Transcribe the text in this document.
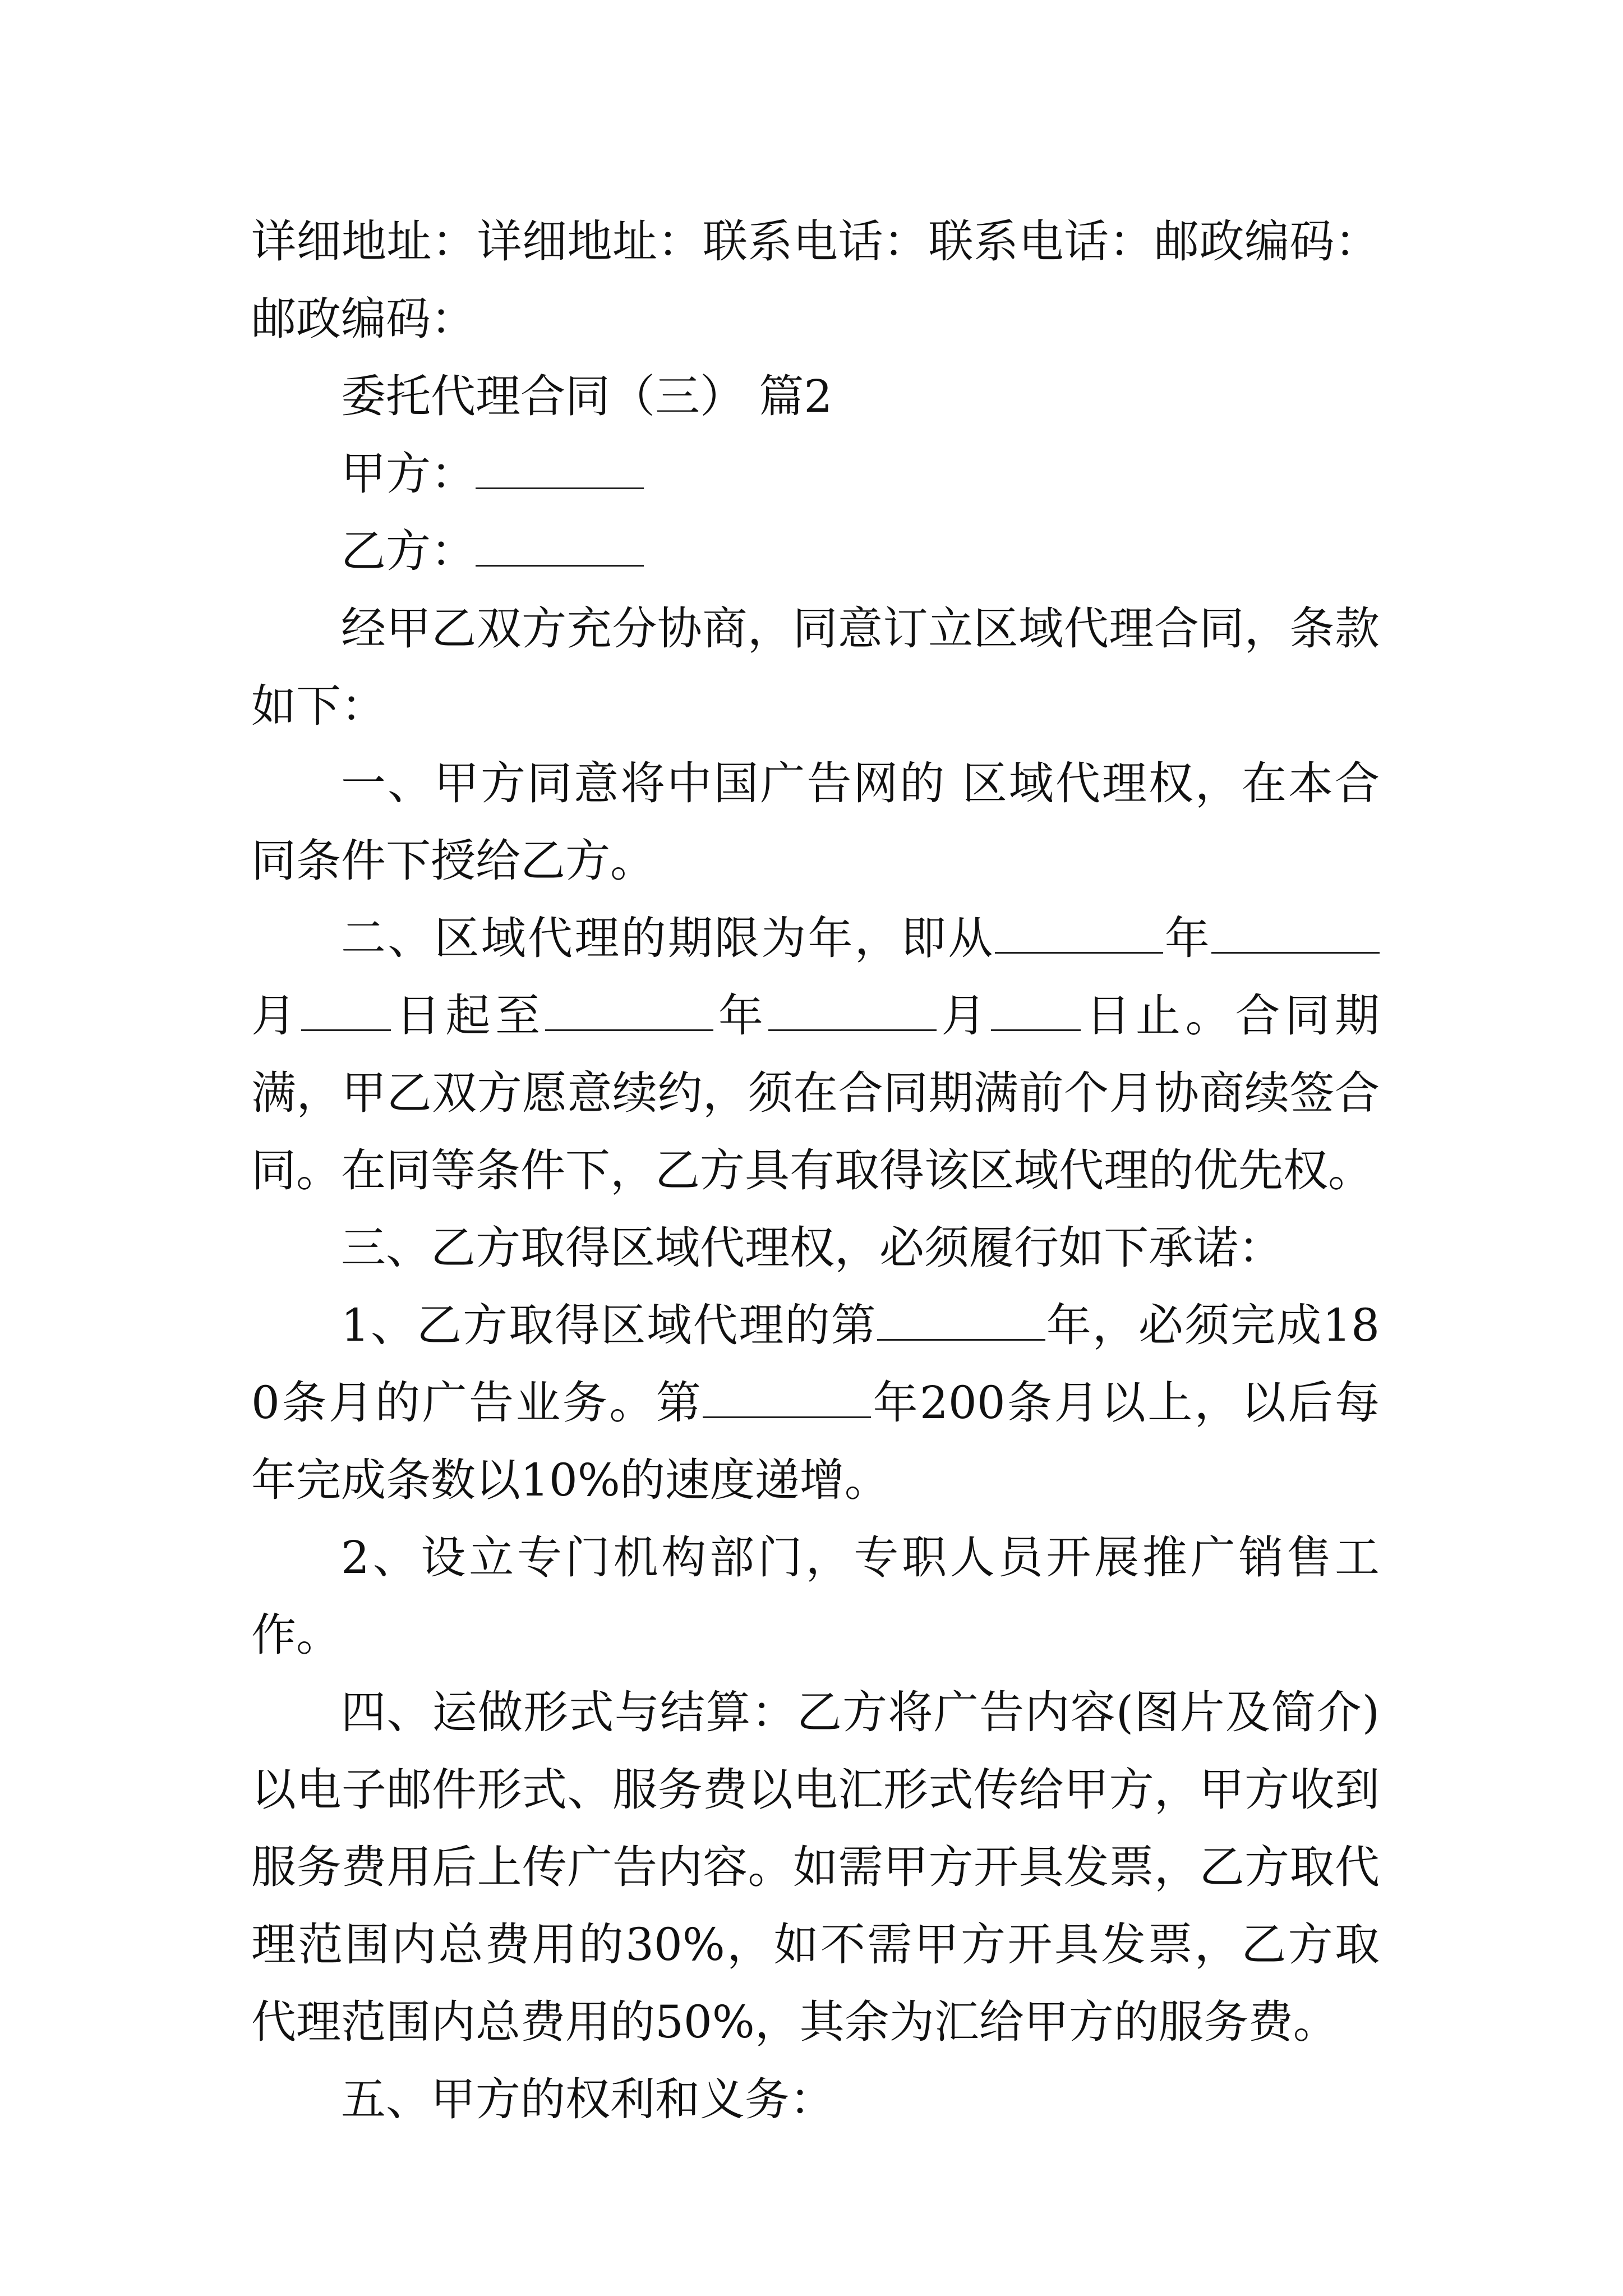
详细地址：详细地址：联系电话：联系电话：邮政编码：邮政编码：

委托代理合同（三） 篇2

甲方：

乙方：

经甲乙双方充分协商，同意订立区域代理合同，条款如下：

一、甲方同意将中国广告网的 区域代理权，在本合同条件下授给乙方。

二、区域代理的期限为年，即从	年月 日起至	年	月 日止。合同期满，甲乙双方愿意续约，须在合同期满前个月协商续签合同。在同等条件下，乙方具有取得该区域代理的优先权。

三、乙方取得区域代理权，必须履行如下承诺：

1、乙方取得区域代理的第	年，必须完成180条月的广告业务。第	年200条月以上，以后每年完成条数以10%的速度递增。

2、设立专门机构部门，专职人员开展推广销售工作。

四、运做形式与结算：乙方将广告内容(图片及简介)以电子邮件形式、服务费以电汇形式传给甲方，甲方收到服务费用后上传广告内容。如需甲方开具发票，乙方取代理范围内总费用的30%，如不需甲方开具发票，乙方取代理范围内总费用的50%，其余为汇给甲方的服务费。

五、甲方的权利和义务：
